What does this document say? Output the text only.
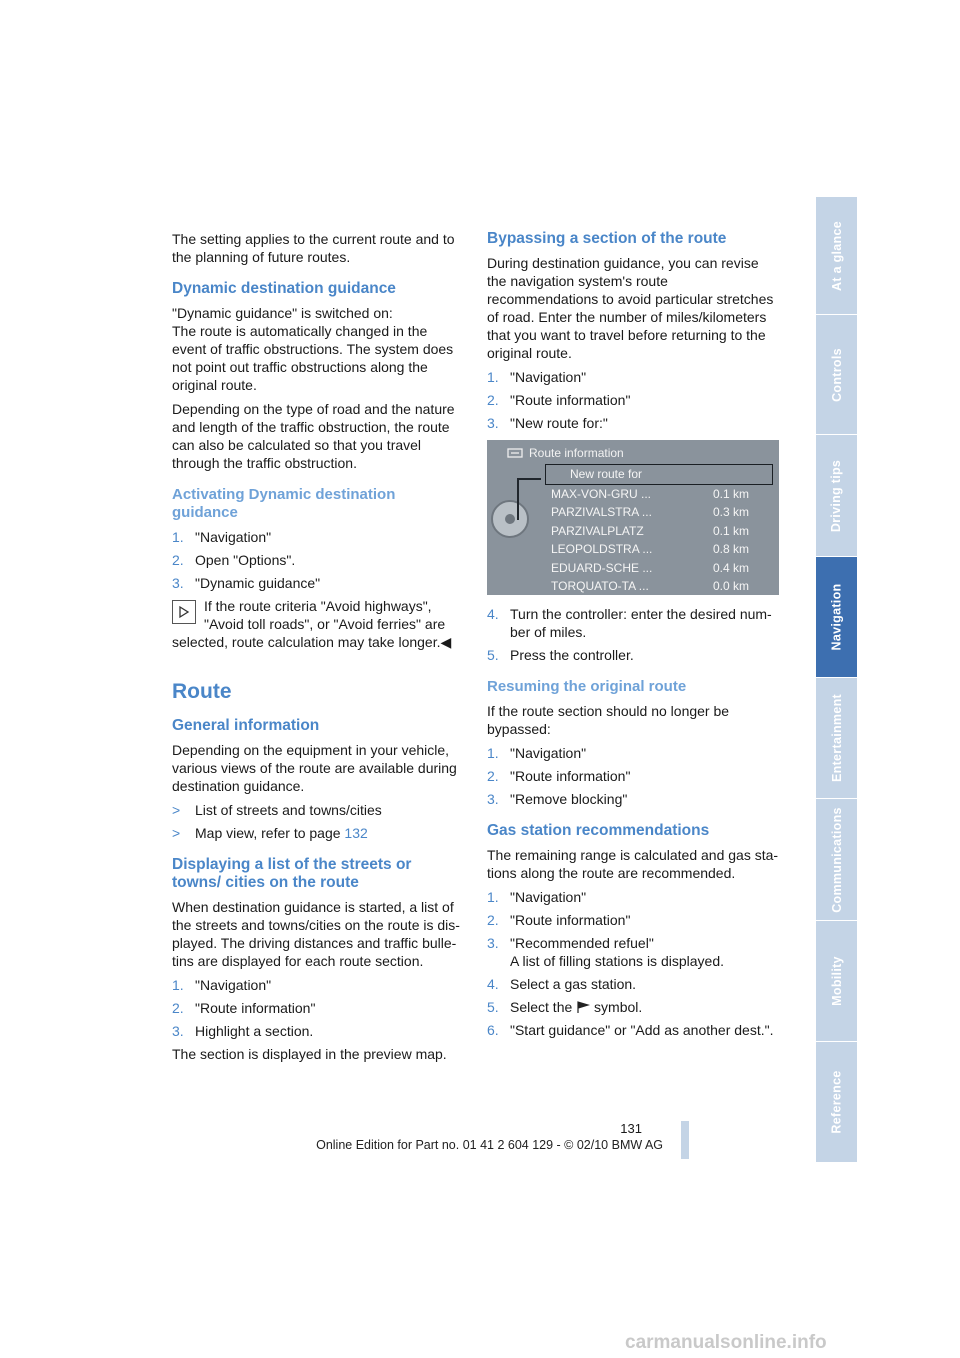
The setting applies to the current route and to the planning of future routes.

Dynamic destination guidance

"Dynamic guidance" is switched on:

The route is automatically changed in the event of traffic obstructions. The system does not point out traffic obstructions along the original route.

Depending on the type of road and the nature and length of the traffic obstruction, the route can also be calculated so that you travel through the traffic obstruction.

Activating Dynamic destination guidance
1. "Navigation"
2. Open "Options".
3. "Dynamic guidance"
If the route criteria "Avoid highways", "Avoid toll roads", or "Avoid ferries" are selected, route calculation may take longer.◀
Route
General information

Depending on the equipment in your vehicle, various views of the route are available during destination guidance.

>	List of streets and towns/cities
>	Map view, refer to page 132
Displaying a list of the streets or towns/ cities on the route

When destination guidance is started, a list of the streets and towns/cities on the route is dis- played. The driving distances and traffic bulle- tins are displayed for each route section.

1. "Navigation"
2. "Route information"
3. Highlight a section.

The section is displayed in the preview map.

Bypassing a section of the route

During destination guidance, you can revise the navigation system's route recommendations to avoid particular stretches of road. Enter the number of miles/kilometers that you want to travel before returning to the original route.

1. "Navigation"
2. "Route information"
3. "New route for:"
Route information
New route for
MAX-VON-GRU ...	0.1 km
PARZIVALSTRA ...	0.3 km
PARZIVALPLATZ	0.1 km
LEOPOLDSTRA ...	0.8 km
EDUARD-SCHE ...	0.4 km
TORQUATO-TA ...	0.0 km
4. Turn the controller: enter the desired num- ber of miles.
5. Press the controller.
Resuming the original route

If the route section should no longer be bypassed:

1. "Navigation"
2. "Route information"
3. "Remove blocking"
Gas station recommendations

The remaining range is calculated and gas sta- tions along the route are recommended.

1. "Navigation"
2. "Route information"
3. "Recommended refuel"
A list of filling stations is displayed.
4. Select a gas station.
5. Select the  symbol.
6. "Start guidance" or "Add as another dest.".
At a glance
Controls
Driving tips
Navigation
Entertainment
Communications
Mobility
Reference
131
Online Edition for Part no. 01 41 2 604 129 - © 02/10 BMW AG
carmanualsonline.info
